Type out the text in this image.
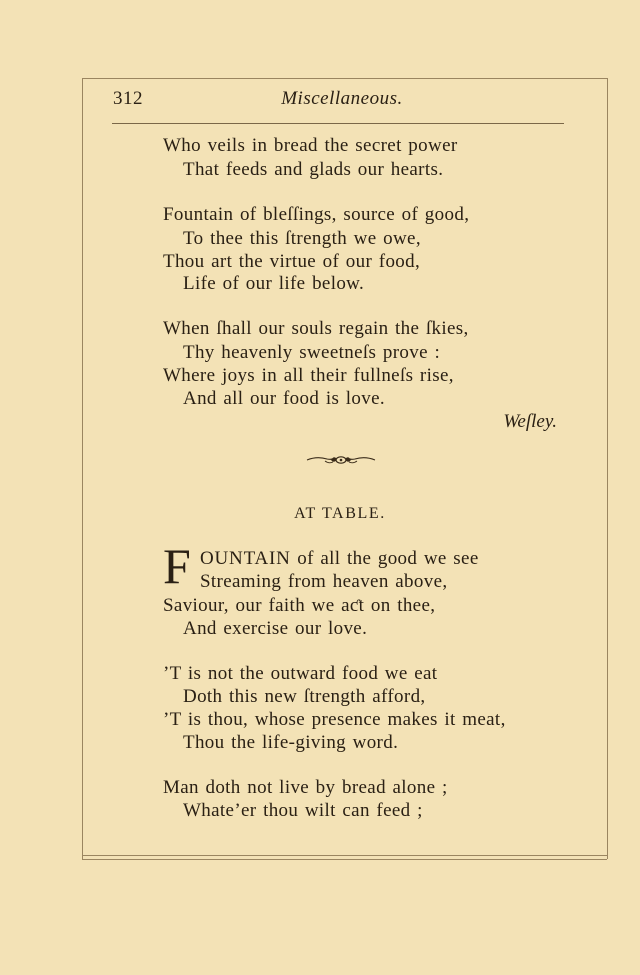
312	Miscellaneous.
Who veils in bread the secret power
That feeds and glads our hearts.
Fountain of bleſſings, source of good,
To thee this ſtrength we owe,
Thou art the virtue of our food,
Life of our life below.
When ſhall our souls regain the ſkies,
Thy heavenly sweetneſs prove :
Where joys in all their fullneſs rise,
And all our food is love.
Weſley.
AT TABLE.
F OUNTAIN of all the good we see
Streaming from heaven above,
Saviour, our faith we aƈt on thee,
And exercise our love.
’T is not the outward food we eat
Doth this new ſtrength afford,
’T is thou, whose presence makes it meat,
Thou the life-giving word.
Man doth not live by bread alone ;
Whate’er thou wilt can feed ;
